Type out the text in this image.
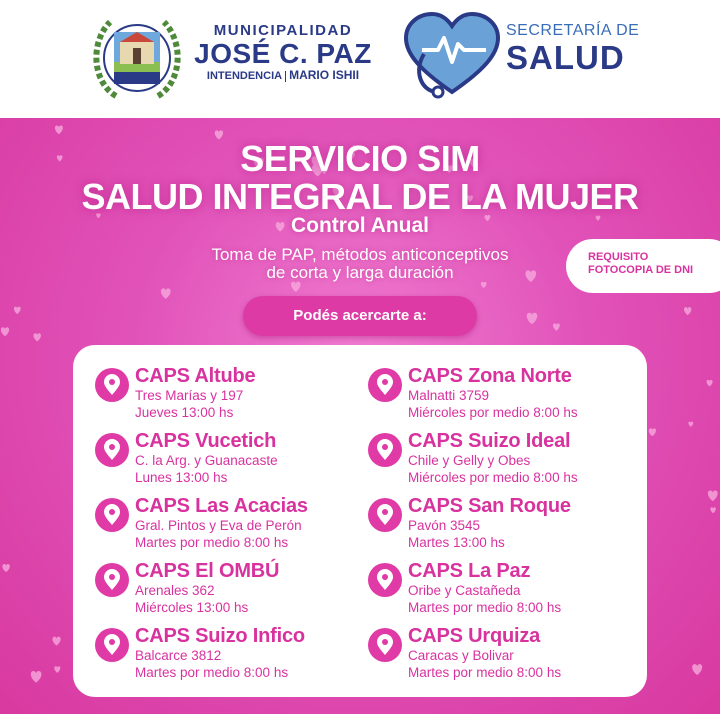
MUNICIPALIDAD
JOSÉ C. PAZ
INTENDENCIA MARIO ISHII
SECRETARÍA DE
SALUD
SERVICIO SIM
SALUD INTEGRAL DE LA MUJER
Control Anual
Toma de PAP, métodos anticonceptivos
de corta y larga duración
REQUISITO
FOTOCOPIA DE DNI
Podés acercarte a:
CAPS Altube
Tres Marías y 197
Jueves 13:00 hs
CAPS Vucetich
C. la Arg. y Guanacaste
Lunes 13:00 hs
CAPS Las Acacias
Gral. Pintos y Eva de Perón
Martes por medio 8:00 hs
CAPS El OMBÚ
Arenales 362
Miércoles 13:00 hs
CAPS Suizo Infico
Balcarce 3812
Martes por medio 8:00 hs
CAPS Zona Norte
Malnatti 3759
Miércoles por medio 8:00 hs
CAPS Suizo Ideal
Chile y Gelly y Obes
Miércoles por medio 8:00 hs
CAPS San Roque
Pavón 3545
Martes 13:00 hs
CAPS La Paz
Oribe y Castañeda
Martes por medio 8:00 hs
CAPS Urquiza
Caracas y Bolivar
Martes por medio 8:00 hs
